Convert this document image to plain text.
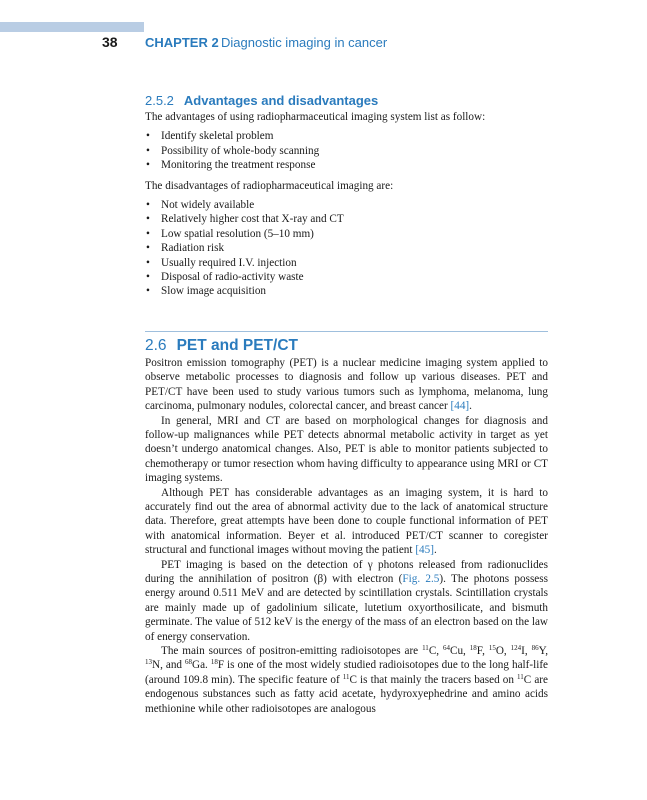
38 CHAPTER 2 Diagnostic imaging in cancer
2.5.2 Advantages and disadvantages

The advantages of using radiopharmaceutical imaging system list as follow:

• Identify skeletal problem
• Possibility of whole-body scanning
• Monitoring the treatment response

The disadvantages of radiopharmaceutical imaging are:

• Not widely available
• Relatively higher cost that X-ray and CT
• Low spatial resolution (5–10 mm)
• Radiation risk
• Usually required I.V. injection
• Disposal of radio-activity waste
• Slow image acquisition
2.6 PET and PET/CT

Positron emission tomography (PET) is a nuclear medicine imaging system applied to observe metabolic processes to diagnosis and follow up various diseases. PET and PET/CT have been used to study various tumors such as lymphoma, melanoma, lung carcinoma, pulmonary nodules, colorectal cancer, and breast cancer [44].

In general, MRI and CT are based on morphological changes for diagnosis and follow-up malignances while PET detects abnormal metabolic activity in target as yet doesn’t undergo anatomical changes. Also, PET is able to monitor patients subjected to chemotherapy or tumor resection whom having difficulty to appearance using MRI or CT imaging systems.

Although PET has considerable advantages as an imaging system, it is hard to accurately find out the area of abnormal activity due to the lack of anatomical structure data. Therefore, great attempts have been done to couple functional information of PET with anatomical information. Beyer et al. introduced PET/CT scanner to coregister structural and functional images without moving the patient [45].

PET imaging is based on the detection of γ photons released from radionuclides during the annihilation of positron (β) with electron (Fig. 2.5). The photons possess energy around 0.511 MeV and are detected by scintillation crystals. Scintillation crystals are mainly made up of gadolinium silicate, lutetium oxyorthosilicate, and bismuth germinate. The value of 512 keV is the energy of the mass of an electron based on the law of energy conservation.

The main sources of positron-emitting radioisotopes are $^{11}$C, $^{64}$Cu, $^{18}$F, $^{15}$O, $^{124}$I, $^{86}$Y, $^{13}$N, and $^{68}$Ga. $^{18}$F is one of the most widely studied radioisotopes due to the long half-life (around 109.8 min). The specific feature of $^{11}$C is that mainly the tracers based on $^{11}$C are endogenous substances such as fatty acid acetate, hydyroxyephedrine and amino acids methionine while other radioisotopes are analogous
